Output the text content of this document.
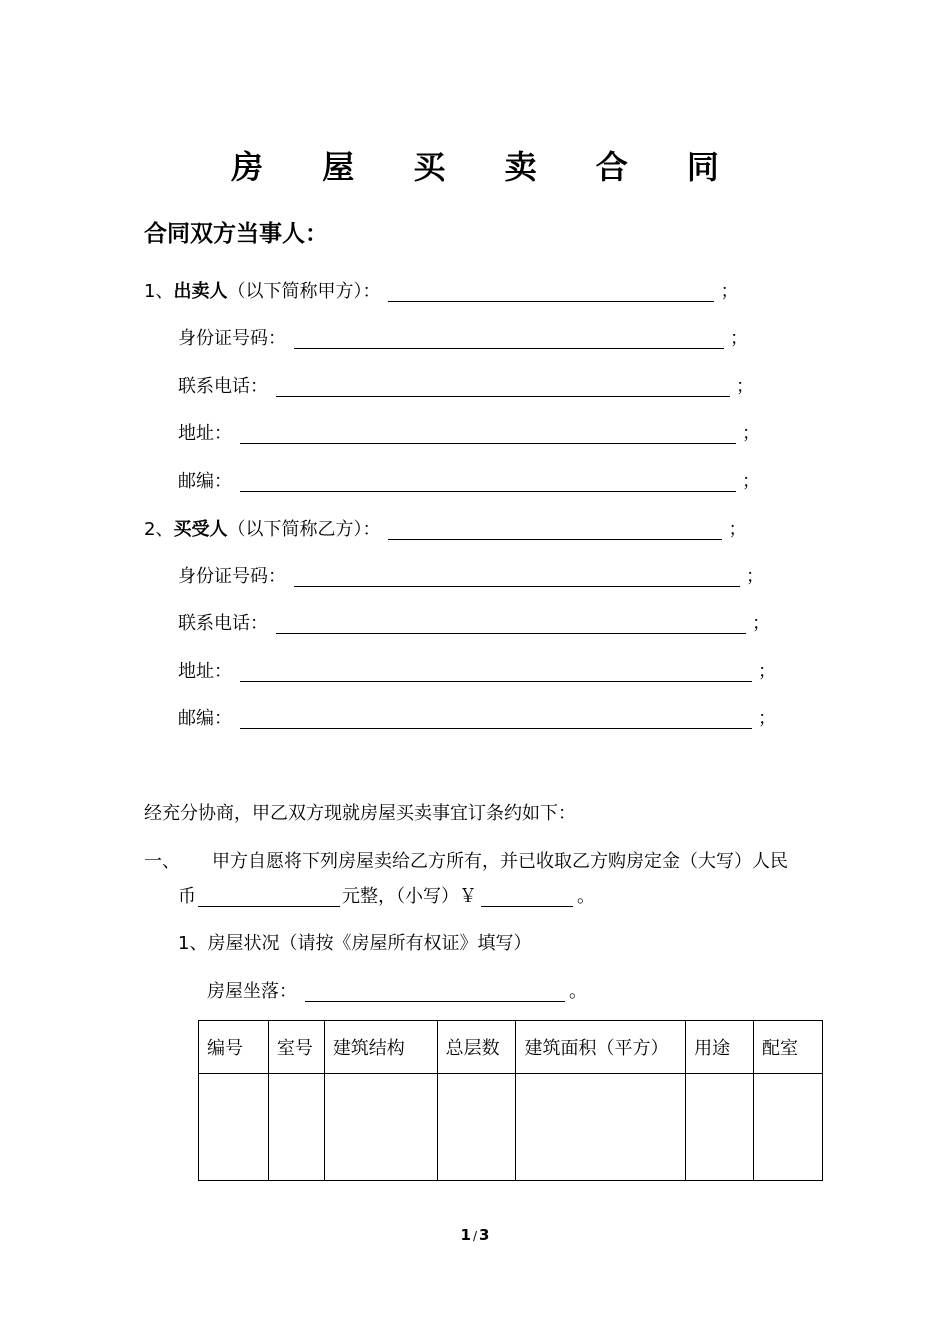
房 屋 买 卖 合 同
合同双方当事人：
1、 出卖人 （以下简称甲方）：	；
身份证号码：	；
联系电话：	；
地址：	；
邮编：	；
2、 买受人 （以下简称乙方）：	；
身份证号码：	；
联系电话：	；
地址：	；
邮编：	；
经充分协商，甲乙双方现就房屋买卖事宜订条约如下：
一、	甲方自愿将下列房屋卖给乙方所有，并已收取乙方购房定金（大写）人民
币	元整，（小写）￥	。
1、房屋状况（请按《房屋所有权证》填写）
房屋坐落：	。
编号	室号	建筑结构	总层数	建筑面积（平方）	用途	配室

1 / 3
